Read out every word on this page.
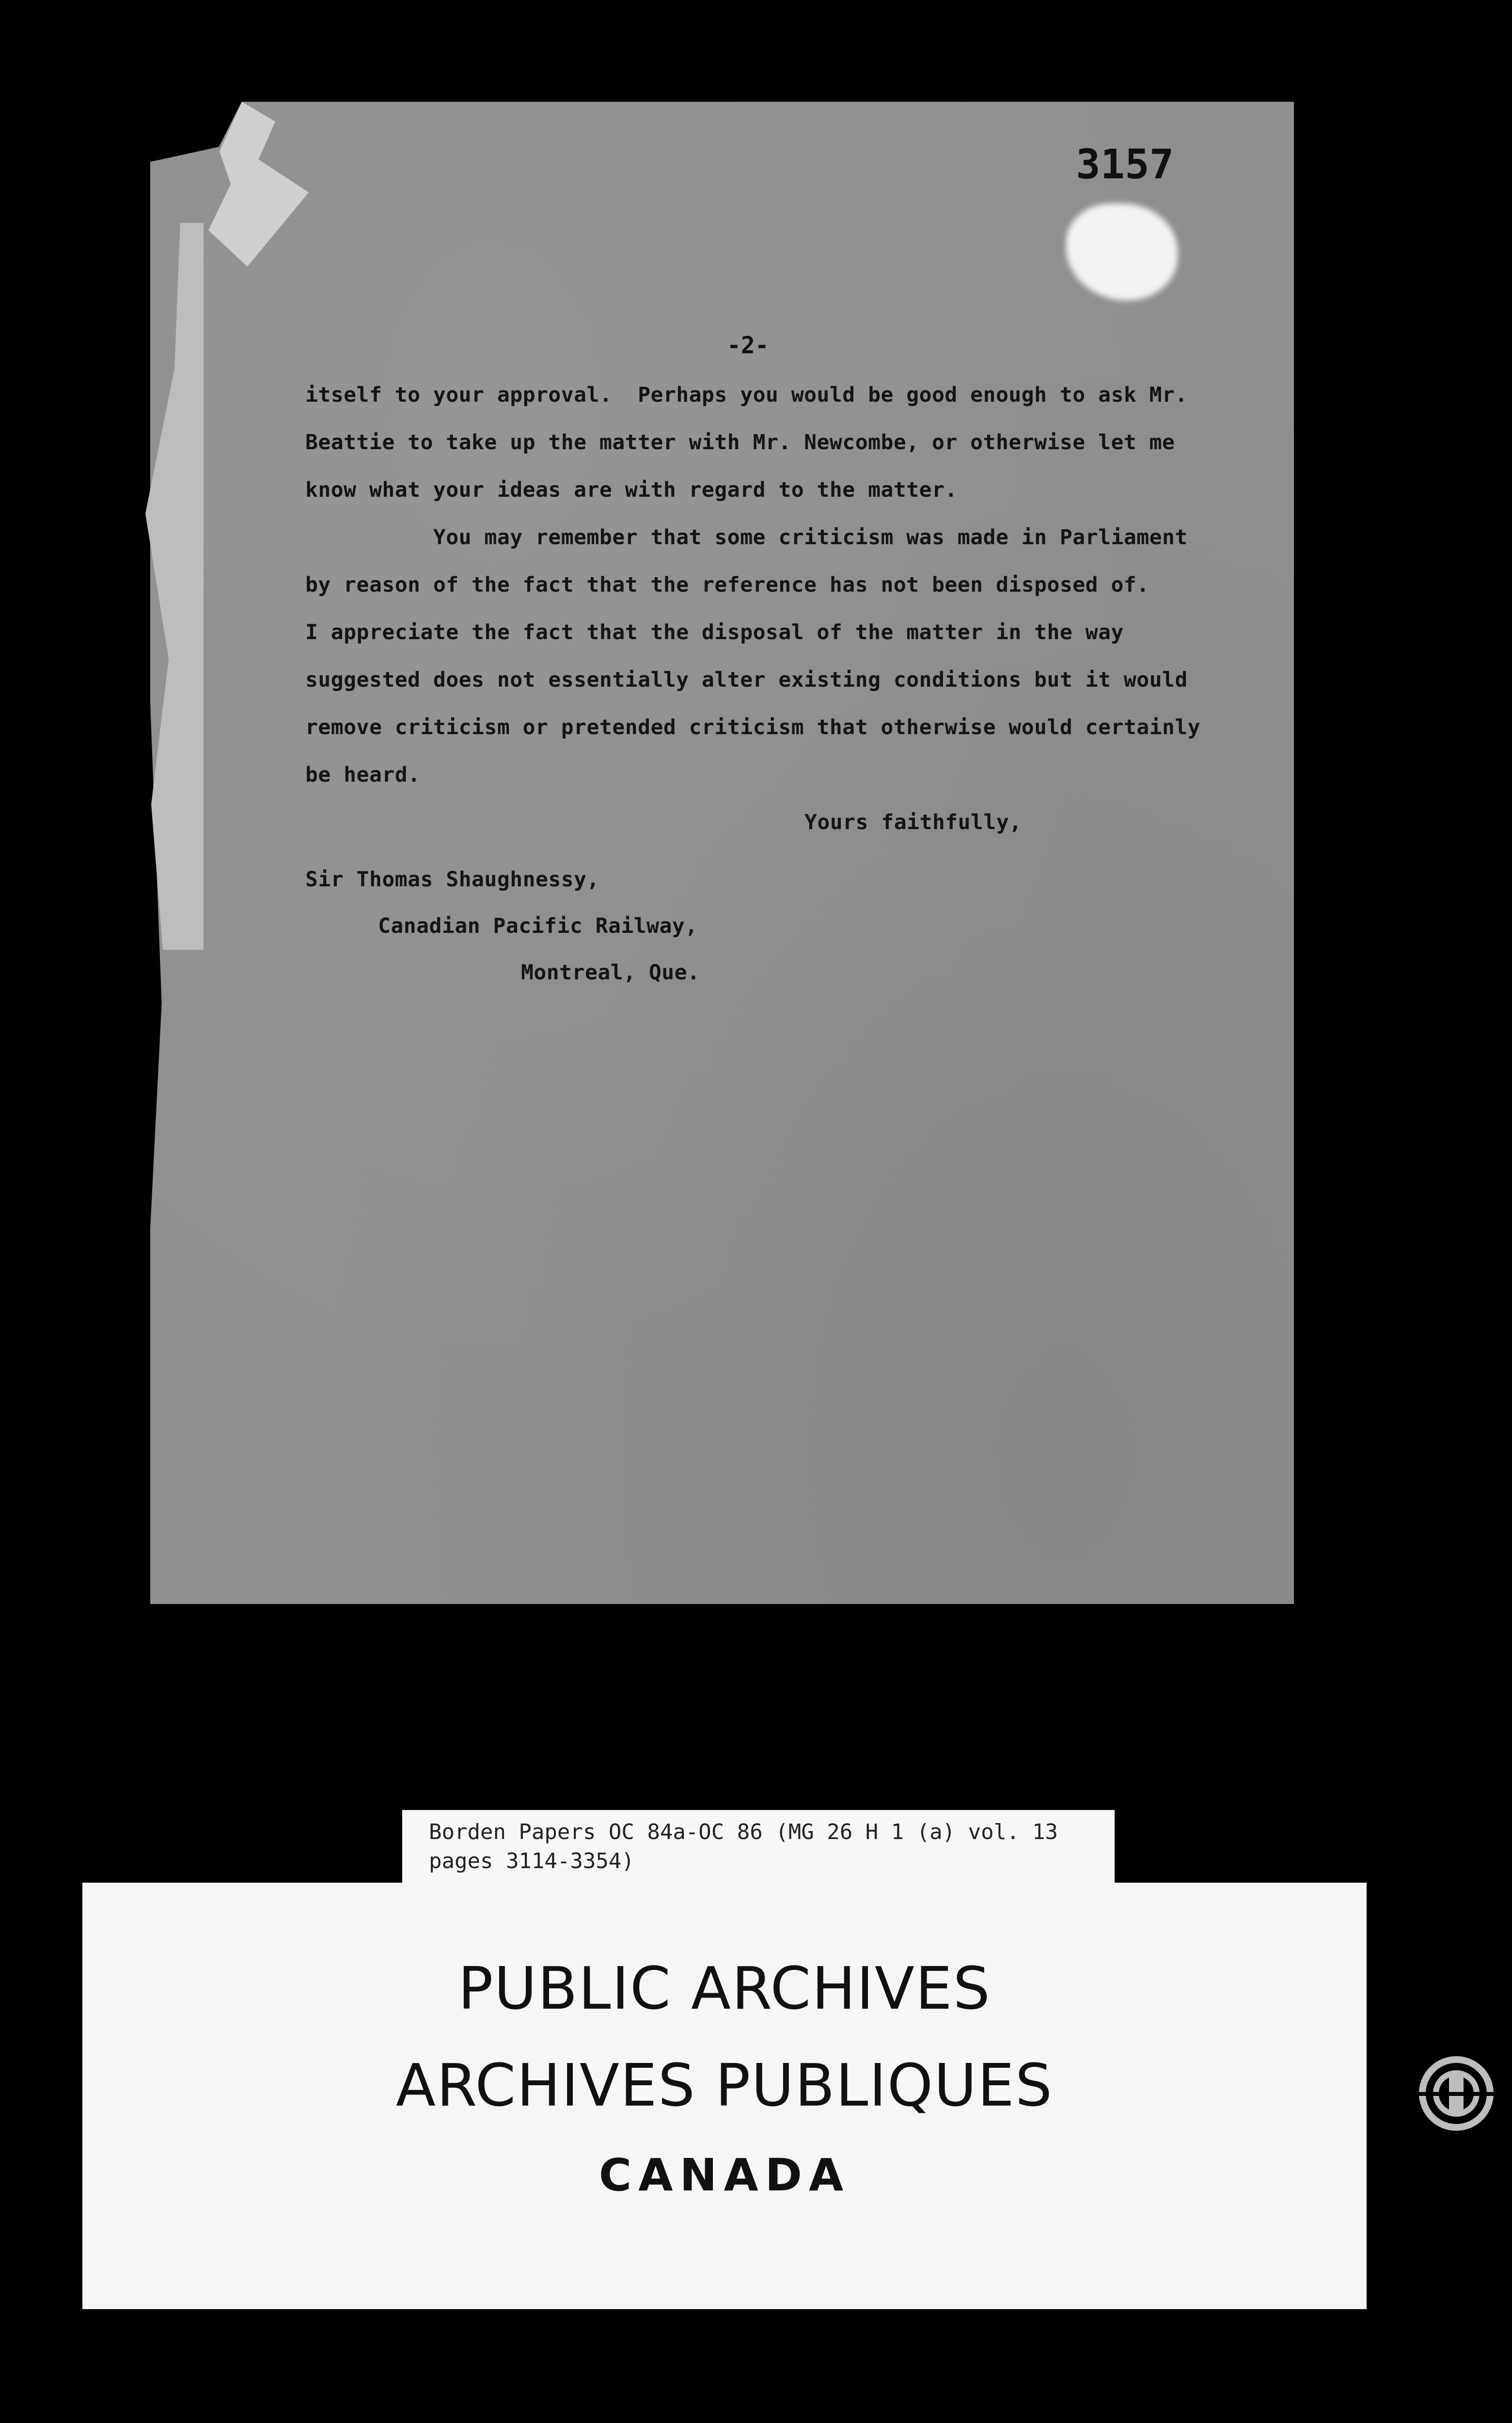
3157
-2-
itself to your approval.  Perhaps you would be good enough to ask Mr.
Beattie to take up the matter with Mr. Newcombe, or otherwise let me
know what your ideas are with regard to the matter.
You may remember that some criticism was made in Parliament
by reason of the fact that the reference has not been disposed of.
I appreciate the fact that the disposal of the matter in the way
suggested does not essentially alter existing conditions but it would
remove criticism or pretended criticism that otherwise would certainly
be heard.
Yours faithfully,
Sir Thomas Shaughnessy,
Canadian Pacific Railway,
Montreal, Que.
Borden Papers OC 84a-OC 86 (MG 26 H 1 (a) vol. 13
pages 3114-3354)
PUBLIC ARCHIVES
ARCHIVES PUBLIQUES
CANADA
